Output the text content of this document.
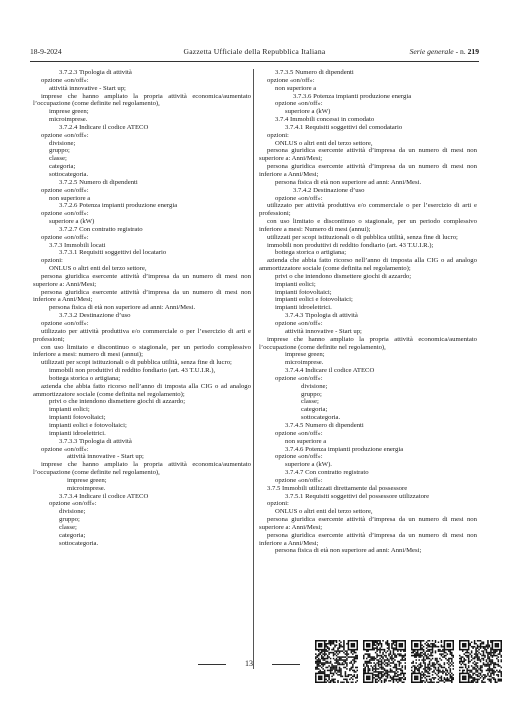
18-9-2024	Gazzetta Ufficiale della Repubblica Italiana	Serie generale - n. 219

3.7.2.3 Tipologia di attività

opzione «on/off»:

attività innovative - Start up;

imprese che hanno ampliato la propria attività economica/aumentato l’occupazione (come definite nel regolamento),

imprese green;

microimprese.

3.7.2.4 Indicare il codice ATECO

opzione «on/off»:

divisione;

gruppo;

classe;

categoria;

sottocategoria.

3.7.2.5 Numero di dipendenti

opzione «on/off»:

non superiore a

3.7.2.6 Potenza impianti produzione energia

opzione «on/off»:

superiore a (kW)

3.7.2.7 Con contratto registrato

opzione «on/off»:

3.7.3 Immobili locati

3.7.3.1 Requisiti soggettivi del locatario

opzioni:

ONLUS o altri enti del terzo settore,

persona giuridica esercente attività d’impresa da un numero di mesi non superiore a: Anni/Mesi;

persona giuridica esercente attività d’impresa da un numero di mesi non inferiore a Anni/Mesi;

persona fisica di età non superiore ad anni: Anni/Mesi.

3.7.3.2 Destinazione d’uso

opzione «on/off»:

utilizzato per attività produttiva e/o commerciale o per l’esercizio di arti e professioni;

con uso limitato e discontinuo o stagionale, per un periodo complessivo inferiore a mesi: numero di mesi (annui);

utilizzati per scopi istituzionali o di pubblica utilità, senza fine di lucro;

immobili non produttivi di reddito fondiario (art. 43 T.U.I.R.),

bottega storica o artigiana;

azienda che abbia fatto ricorso nell’anno di imposta alla CIG o ad analogo ammortizzatore sociale (come definita nel regolamento);

privi o che intendono dismettere giochi di azzardo;

impianti eolici;

impianti fotovoltaici;

impianti eolici e fotovoltaici;

impianti idroelettrici.

3.7.3.3 Tipologia di attività

opzione «on/off»:

attività innovative - Start up;

imprese che hanno ampliato la propria attività economica/aumentato l’occupazione (come definite nel regolamento),

imprese green;

microimprese.

3.7.3.4 Indicare il codice ATECO

opzione «on/off»:

divisione;

gruppo;

classe;

categoria;

sottocategoria.

3.7.3.5 Numero di dipendenti

opzione «on/off»:

non superiore a

3.7.3.6 Potenza impianti produzione energia

opzione «on/off»:

superiore a (kW)

3.7.4 Immobili concessi in comodato

3.7.4.1 Requisiti soggettivi del comodatario

opzioni:

ONLUS o altri enti del terzo settore,

persona giuridica esercente attività d’impresa da un numero di mesi non superiore a: Anni/Mesi;

persona giuridica esercente attività d’impresa da un numero di mesi non inferiore a Anni/Mesi;

persona fisica di età non superiore ad anni: Anni/Mesi.

3.7.4.2 Destinazione d’uso

opzione «on/off»:

utilizzato per attività produttiva e/o commerciale o per l’esercizio di arti e professioni;

con uso limitato e discontinuo o stagionale, per un periodo complessivo inferiore a mesi: Numero di mesi (annui);

utilizzati per scopi istituzionali o di pubblica utilità, senza fine di lucro;

immobili non produttivi di reddito fondiario (art. 43 T.U.I.R.);

bottega storica o artigiana;

azienda che abbia fatto ricorso nell’anno di imposta alla CIG o ad analogo ammortizzatore sociale (come definita nel regolamento);

privi o che intendono dismettere giochi di azzardo;

impianti eolici;

impianti fotovoltaici;

impianti eolici e fotovoltaici;

impianti idroelettrici.

3.7.4.3 Tipologia di attività

opzione «on/off»:

attività innovative - Start up;

imprese che hanno ampliato la propria attività economica/aumentato l’occupazione (come definite nel regolamento),

imprese green;

microimprese.

3.7.4.4 Indicare il codice ATECO

opzione «on/off»:

divisione;

gruppo;

classe;

categoria;

sottocategoria.

3.7.4.5 Numero di dipendenti

opzione «on/off»:

non superiore a

3.7.4.6 Potenza impianti produzione energia

opzione «on/off»:

superiore a (kW).

3.7.4.7 Con contratto registrato

opzione «on/off»:

3.7.5 Immobili utilizzati direttamente dal possessore

3.7.5.1 Requisiti soggettivi del possessore utilizzatore

opzioni:

ONLUS o altri enti del terzo settore,

persona giuridica esercente attività d’impresa da un numero di mesi non superiore a: Anni/Mesi;

persona giuridica esercente attività d’impresa da un numero di mesi non inferiore a Anni/Mesi;

persona fisica di età non superiore ad anni: Anni/Mesi;

13
